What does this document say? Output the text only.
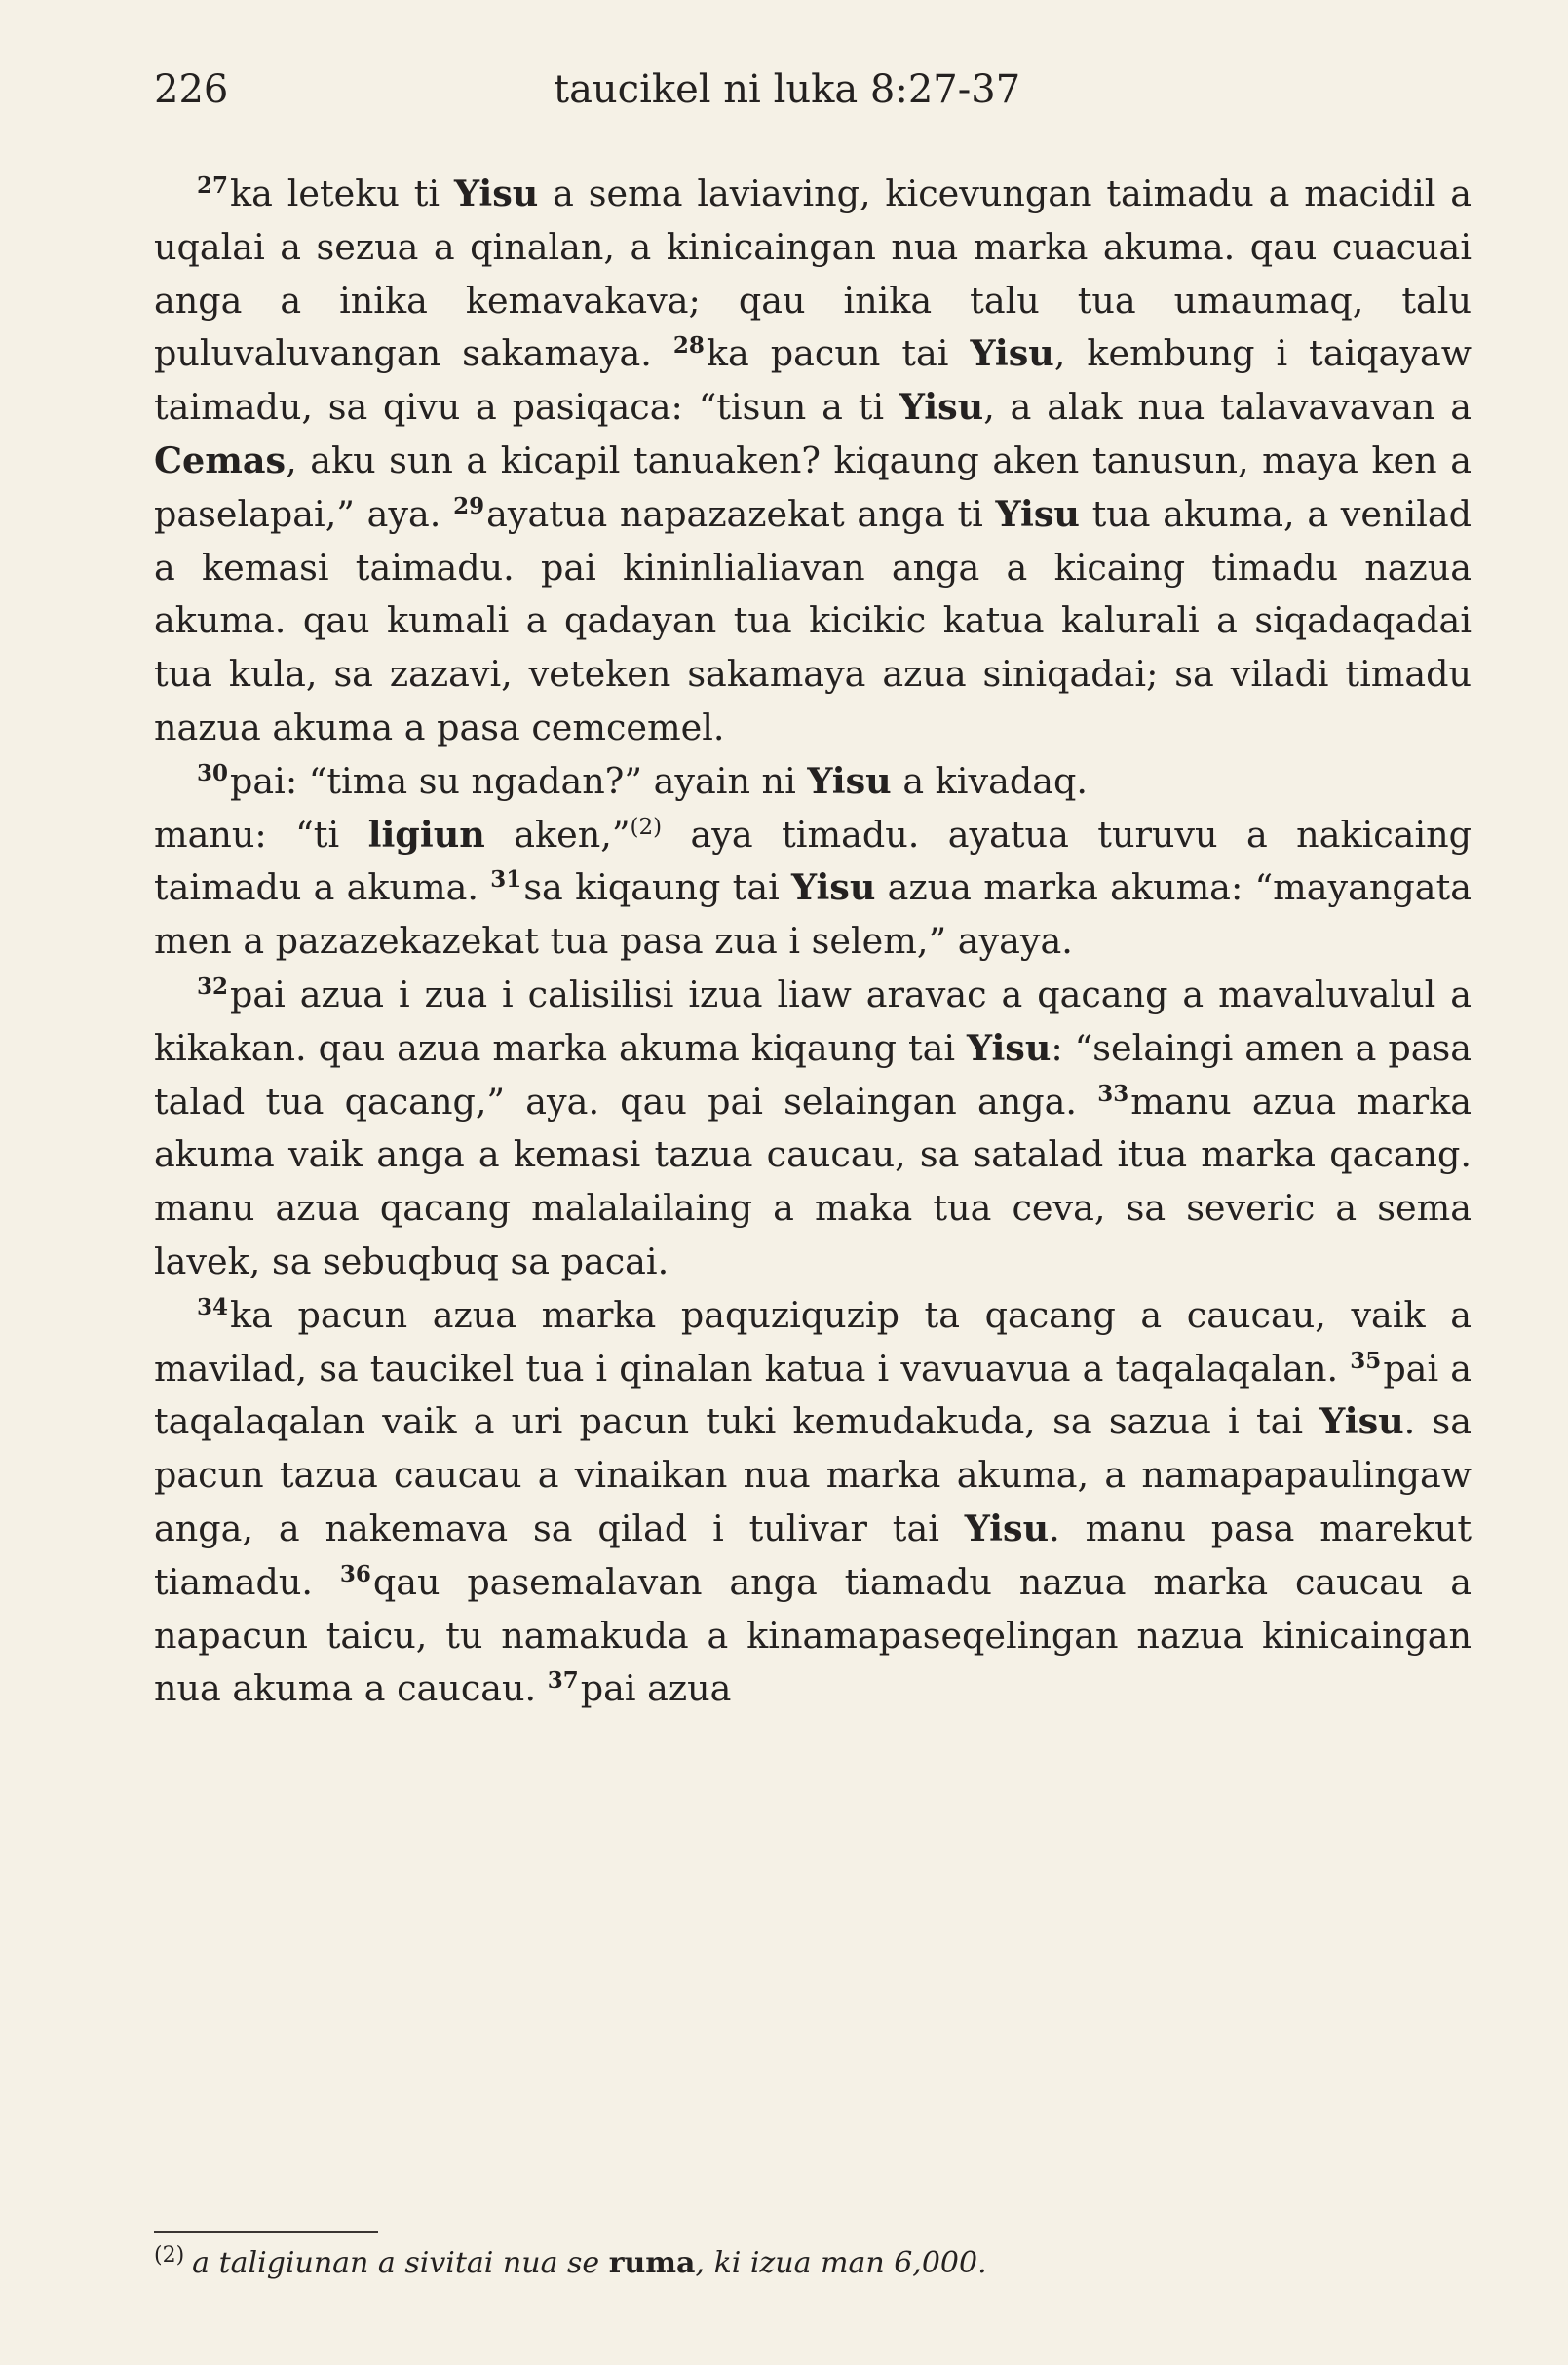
226	taucikel ni luka 8:27-37

$^{27}$ka leteku ti Yisu a sema laviaving, kicevungan taimadu a macidil a uqalai a sezua a qinalan, a kinicaingan nua marka akuma. qau cuacuai anga a inika kemavakava; qau inika talu tua umaumaq, talu puluvaluvangan sakamaya. $^{28}$ka pacun tai Yisu, kembung i taiqayaw taimadu, sa qivu a pasiqaca: “tisun a ti Yisu, a alak nua talavavavan a Cemas, aku sun a kicapil tanuaken? kiqaung aken tanusun, maya ken a paselapai,” aya. $^{29}$ayatua napazazekat anga ti Yisu tua akuma, a venilad a kemasi taimadu. pai kininlialiavan anga a kicaing timadu nazua akuma. qau kumali a qadayan tua kicikic katua kalurali a siqadaqadai tua kula, sa zazavi, veteken sakamaya azua siniqadai; sa viladi timadu nazua akuma a pasa cemcemel.

$^{30}$pai: “tima su ngadan?” ayain ni Yisu a kivadaq.

manu: “ti ligiun aken,”$^{(2)}$ aya timadu. ayatua turuvu a nakicaing taimadu a akuma. $^{31}$sa kiqaung tai Yisu azua marka akuma: “mayangata men a pazazekazekat tua pasa zua i selem,” ayaya.

$^{32}$pai azua i zua i calisilisi izua liaw aravac a qacang a mavaluvalul a kikakan. qau azua marka akuma kiqaung tai Yisu: “selaingi amen a pasa talad tua qacang,” aya. qau pai selaingan anga. $^{33}$manu azua marka akuma vaik anga a kemasi tazua caucau, sa satalad itua marka qacang. manu azua qacang malalailaing a maka tua ceva, sa severic a sema lavek, sa sebuqbuq sa pacai.

$^{34}$ka pacun azua marka paquziquzip ta qacang a caucau, vaik a mavilad, sa taucikel tua i qinalan katua i vavuavua a taqalaqalan. $^{35}$pai a taqalaqalan vaik a uri pacun tuki kemudakuda, sa sazua i tai Yisu. sa pacun tazua caucau a vinaikan nua marka akuma, a namapapaulingaw anga, a nakemava sa qilad i tulivar tai Yisu. manu pasa marekut tiamadu. $^{36}$qau pasemalavan anga tiamadu nazua marka caucau a napacun taicu, tu namakuda a kinamapaseqelingan nazua kinicaingan nua akuma a caucau. $^{37}$pai azua

$^{(2)}$ a taligiunan a sivitai nua se ruma, ki izua man 6,000.
